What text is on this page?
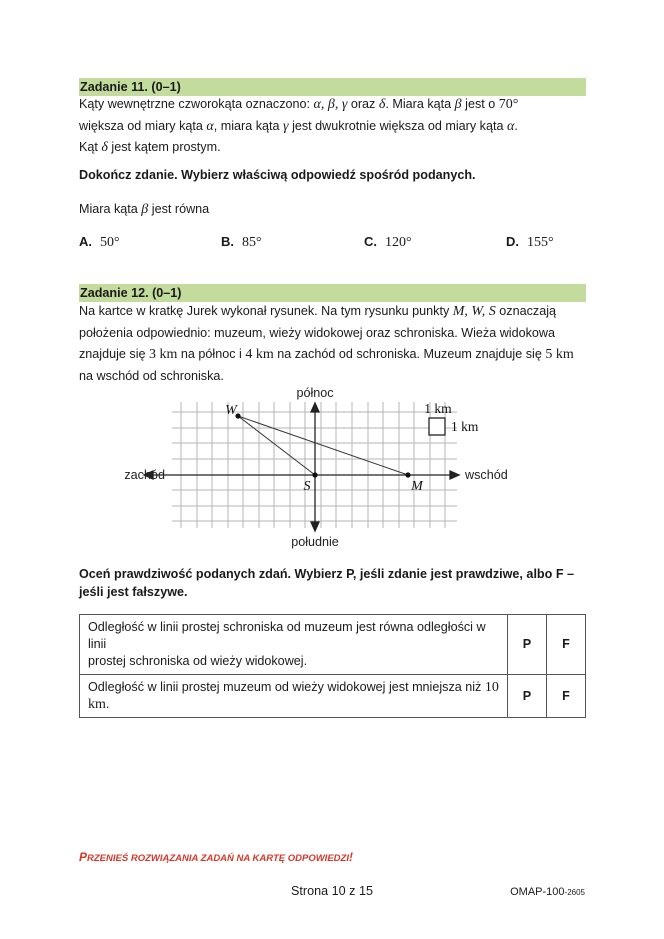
Zadanie 11. (0–1)
Kąty wewnętrzne czworokąta oznaczono: α, β, γ oraz δ. Miara kąta β jest o 70°
większa od miary kąta α, miara kąta γ jest dwukrotnie większa od miary kąta α.
Kąt δ jest kątem prostym.
Dokończ zdanie. Wybierz właściwą odpowiedź spośród podanych.
Miara kąta β jest równa
A. 50°	B. 85°	C. 120°	D. 155°
Zadanie 12. (0–1)
Na kartce w kratkę Jurek wykonał rysunek. Na tym rysunku punkty M, W, S oznaczają
położenia odpowiednio: muzeum, wieży widokowej oraz schroniska. Wieża widokowa
znajduje się 3 km na północ i 4 km na zachód od schroniska. Muzeum znajduje się 5 km
na wschód od schroniska.
północ
południe
zachód	wschód
W
S	M
1 km
1 km
Oceń prawdziwość podanych zdań. Wybierz P, jeśli zdanie jest prawdziwe, albo F –
jeśli jest fałszywe.
Odległość w linii prostej schroniska od muzeum jest równa odległości w linii
prostej schroniska od wieży widokowej.	P	F
Odległość w linii prostej muzeum od wieży widokowej jest mniejsza niż 10 km.	P	F
PRZENIEŚ ROZWIĄZANIA ZADAŃ NA KARTĘ ODPOWIEDZI!
Strona 10 z 15	OMAP-100-2605
